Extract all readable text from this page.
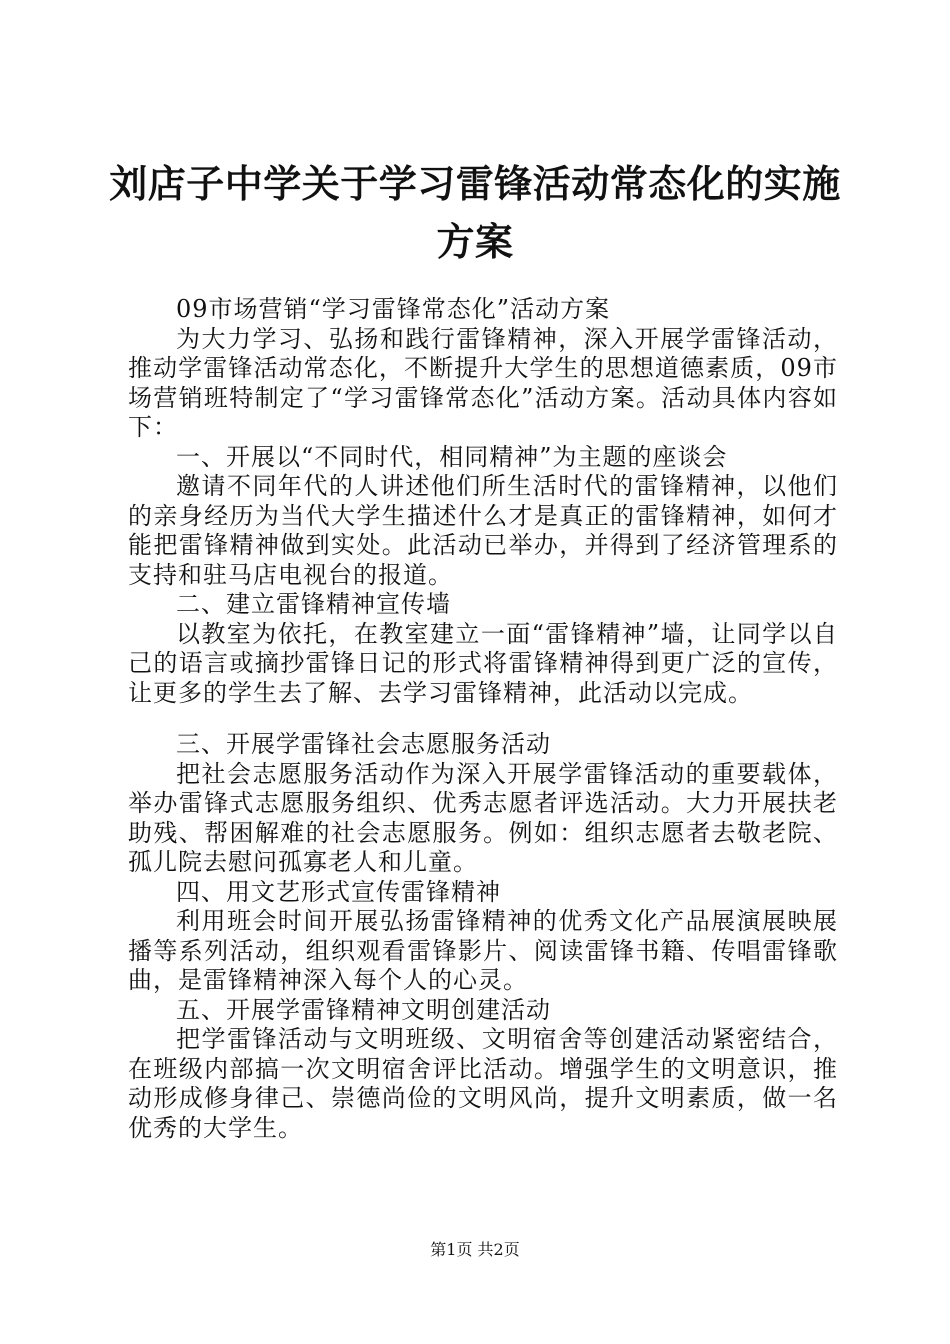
刘店子中学关于学习雷锋活动常态化的实施方案

09市场营销“学习雷锋常态化”活动方案

为大力学习、弘扬和践行雷锋精神，深入开展学雷锋活动，推动学雷锋活动常态化，不断提升大学生的思想道德素质，09市场营销班特制定了“学习雷锋常态化”活动方案。活动具体内容如下：

一、开展以“不同时代，相同精神”为主题的座谈会

邀请不同年代的人讲述他们所生活时代的雷锋精神，以他们的亲身经历为当代大学生描述什么才是真正的雷锋精神，如何才能把雷锋精神做到实处。此活动已举办，并得到了经济管理系的支持和驻马店电视台的报道。

二、建立雷锋精神宣传墙

以教室为依托，在教室建立一面“雷锋精神”墙，让同学以自己的语言或摘抄雷锋日记的形式将雷锋精神得到更广泛的宣传，让更多的学生去了解、去学习雷锋精神，此活动以完成。

三、开展学雷锋社会志愿服务活动

把社会志愿服务活动作为深入开展学雷锋活动的重要载体，举办雷锋式志愿服务组织、优秀志愿者评选活动。大力开展扶老助残、帮困解难的社会志愿服务。例如：组织志愿者去敬老院、孤儿院去慰问孤寡老人和儿童。

四、用文艺形式宣传雷锋精神

利用班会时间开展弘扬雷锋精神的优秀文化产品展演展映展播等系列活动，组织观看雷锋影片、阅读雷锋书籍、传唱雷锋歌曲，是雷锋精神深入每个人的心灵。

五、开展学雷锋精神文明创建活动

把学雷锋活动与文明班级、文明宿舍等创建活动紧密结合，在班级内部搞一次文明宿舍评比活动。增强学生的文明意识，推动形成修身律己、崇德尚俭的文明风尚，提升文明素质，做一名优秀的大学生。

第1页 共2页
